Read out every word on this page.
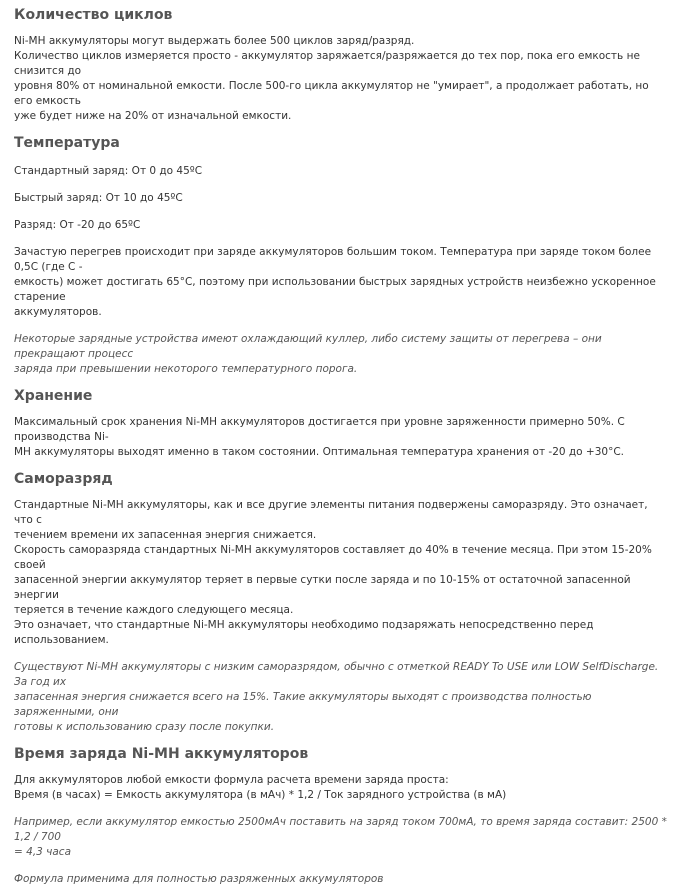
Количество циклов

Ni-MH аккумуляторы могут выдержать более 500 циклов заряд/разряд.

Количество циклов измеряется просто - аккумулятор заряжается/разряжается до тех пор, пока его емкость не снизится до

уровня 80% от номинальной емкости. После 500-го цикла аккумулятор не "умирает", а продолжает работать, но его емкость

уже будет ниже на 20% от изначальной емкости.

Температура

Стандартный заряд: От 0 до 45ºC

Быстрый заряд: От 10 до 45ºC

Разряд: От -20 до 65ºC

Зачастую перегрев происходит при заряде аккумуляторов большим током. Температура при заряде током более 0,5C (где С -

емкость) может достигать 65°C, поэтому при использовании быстрых зарядных устройств неизбежно ускоренное старение

аккумуляторов.

Некоторые зарядные устройства имеют охлаждающий куллер, либо систему защиты от перегрева – они прекращают процесс

заряда при превышении некоторого температурного порога.

Хранение

Максимальный срок хранения Ni-MH аккумуляторов достигается при уровне заряженности примерно 50%. С производства Ni-

MH аккумуляторы выходят именно в таком состоянии. Оптимальная температура хранения от -20 до +30°C.

Саморазряд

Стандартные Ni-MH аккумуляторы, как и все другие элементы питания подвержены саморазряду. Это означает, что с

течением времени их запасенная энергия снижается.

Скорость саморазряда стандартных Ni-MH аккумуляторов составляет до 40% в течение месяца. При этом 15-20% своей

запасенной энергии аккумулятор теряет в первые сутки после заряда и по 10-15% от остаточной запасенной энергии

теряется в течение каждого следующего месяца.

Это означает, что стандартные Ni-MH аккумуляторы необходимо подзаряжать непосредственно перед использованием.

Существуют Ni-MH аккумуляторы с низким саморазрядом, обычно с отметкой READY To USE или LOW SelfDischarge. За год их

запасенная энергия снижается всего на 15%. Такие аккумуляторы выходят с производства полностью заряженными, они

готовы к использованию сразу после покупки.

Время заряда Ni-MH аккумуляторов

Для аккумуляторов любой емкости формула расчета времени заряда проста:

Время (в часах) = Емкость аккумулятора (в мАч) * 1,2 / Ток зарядного устройства (в мА)

Например, если аккумулятор емкостью 2500мАч поставить на заряд током 700мА, то время заряда составит: 2500 * 1,2 / 700

= 4,3 часа

Формула применима для полностью разряженных аккумуляторов
